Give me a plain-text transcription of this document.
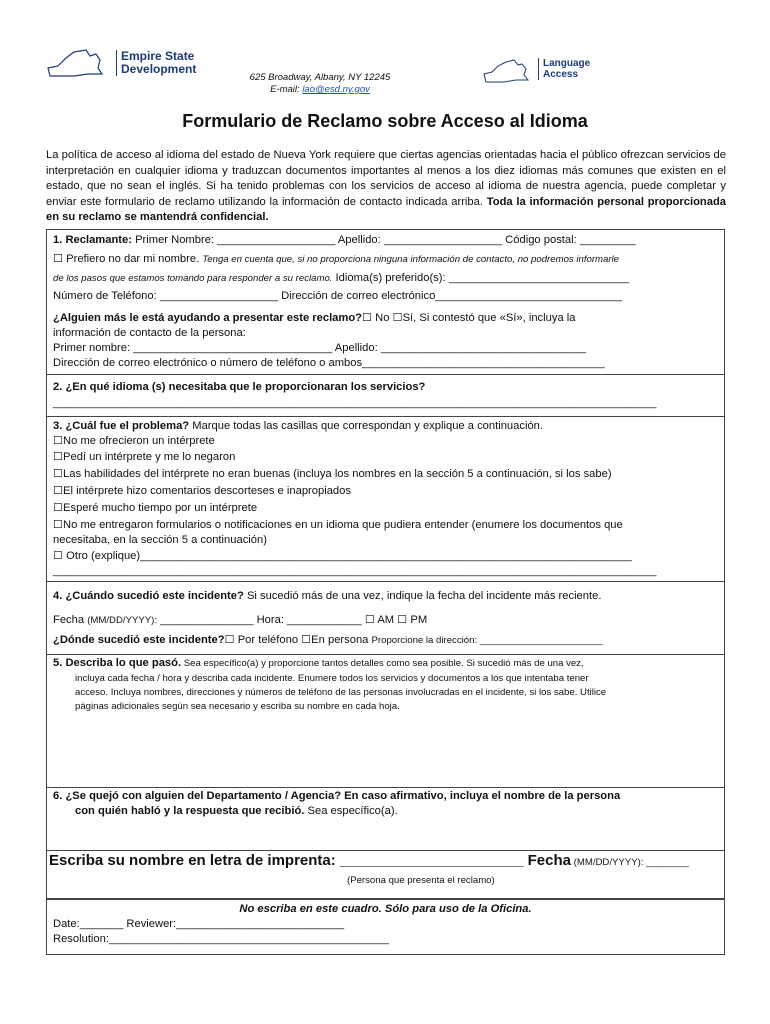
Empire State
Development	Language
Access
625 Broadway, Albany, NY 12245
E-mail: lao@esd.ny.gov
Formulario de Reclamo sobre Acceso al Idioma
La política de acceso al idioma del estado de Nueva York requiere que ciertas agencias orientadas hacia el público ofrezcan servicios de interpretación en cualquier idioma y traduzcan documentos importantes al menos a los diez idiomas más comunes que existen en el estado, que no sean el inglés. Si ha tenido problemas con los servicios de acceso al idioma de nuestra agencia, puede completar y enviar este formulario de reclamo utilizando la información de contacto indicada arriba. Toda la información personal proporcionada en su reclamo se mantendrá confidencial.
1. Reclamante: Primer Nombre: ___________________ Apellido: ___________________ Código postal: _________
☐ Prefiero no dar mi nombre. Tenga en cuenta que, si no proporciona ninguna información de contacto, no podremos informarle
de los pasos que estamos tomando para responder a su reclamo. Idioma(s) preferido(s): _____________________________
Número de Teléfono: ___________________ Dirección de correo electrónico______________________________
¿Alguien más le está ayudando a presentar este reclamo?☐ No ☐Sí, Si contestó que «Sí», incluya la
información de contacto de la persona:
Primer nombre: ________________________________ Apellido: _________________________________
Dirección de correo electrónico o número de teléfono o ambos_______________________________________
2. ¿En qué idioma (s) necesitaba que le proporcionaran los servicios?
_________________________________________________________________________________________________
3. ¿Cuál fue el problema? Marque todas las casillas que correspondan y explique a continuación.
☐No me ofrecieron un intérprete
☐Pedí un intérprete y me lo negaron
☐Las habilidades del intérprete no eran buenas (incluya los nombres en la sección 5 a continuación, si los sabe)
☐El intérprete hizo comentarios descorteses e inapropiados
☐Esperé mucho tiempo por un intérprete
☐No me entregaron formularios o notificaciones en un idioma que pudiera entender (enumere los documentos que
necesitaba, en la sección 5 a continuación)
☐ Otro (explique)_______________________________________________________________________________
_________________________________________________________________________________________________
4. ¿Cuándo sucedió este incidente? Si sucedió más de una vez, indique la fecha del incidente más reciente.
Fecha (MM/DD/YYYY): _______________ Hora: ____________ ☐ AM ☐ PM
¿Dónde sucedió este incidente?☐ Por teléfono ☐En persona Proporcione la dirección: _______________________
5. Describa lo que pasó. Sea específico(a) y proporcione tantos detalles como sea posible. Si sucedió más de una vez,
incluya cada fecha / hora y describa cada incidente. Enumere todos los servicios y documentos a los que intentaba tener
acceso. Incluya nombres, direcciones y números de teléfono de las personas involucradas en el incidente, si los sabe. Utilice
páginas adicionales según sea necesario y escriba su nombre en cada hoja.
6. ¿Se quejó con alguien del Departamento / Agencia? En caso afirmativo, incluya el nombre de la persona
con quién habló y la respuesta que recibió. Sea específico(a).
Escriba su nombre en letra de imprenta: ______________________ Fecha (MM/DD/YYYY): ________
(Persona que presenta el reclamo)
No escriba en este cuadro. Sólo para uso de la Oficina.
Date:_______ Reviewer:___________________________
Resolution:_____________________________________________
